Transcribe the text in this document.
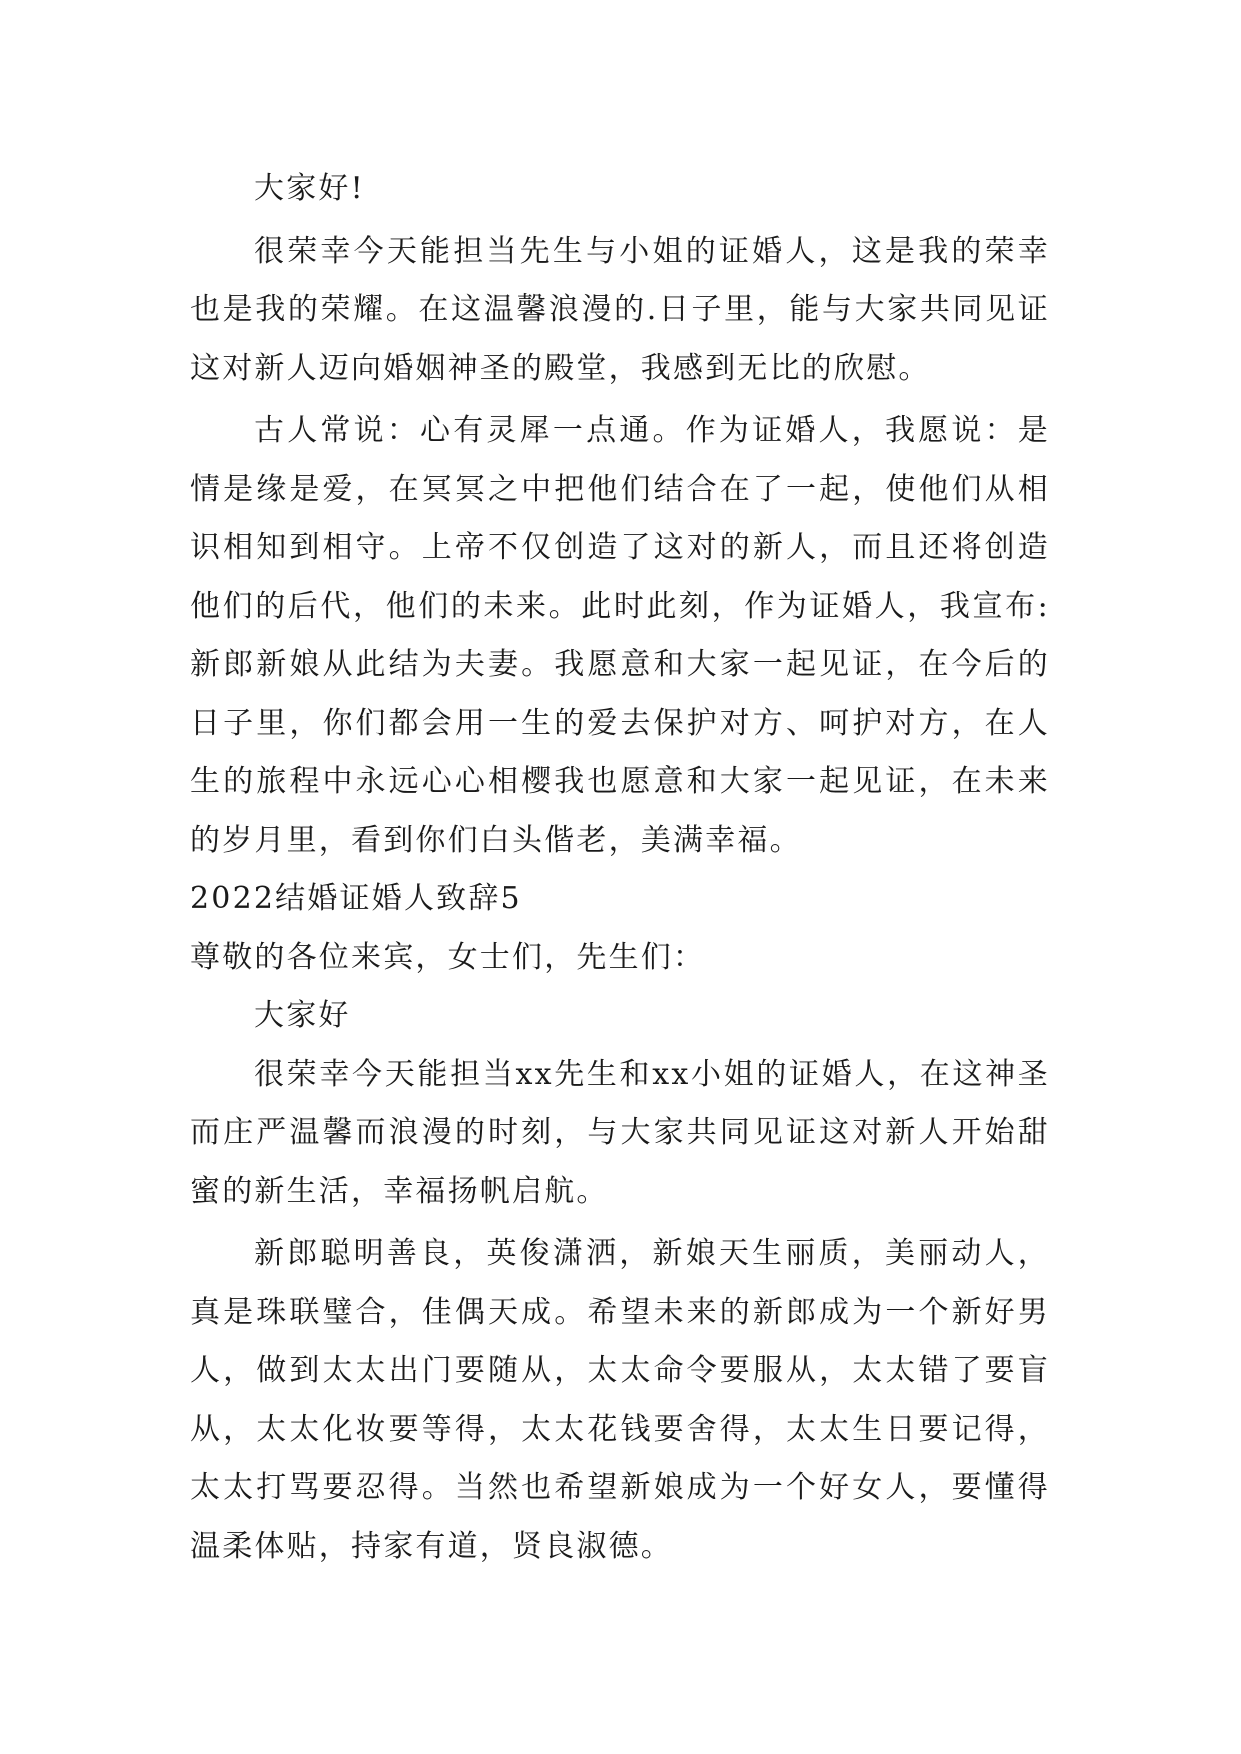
大家好!

很荣幸今天能担当先生与小姐的证婚人，这是我的荣幸也是我的荣耀。在这温馨浪漫的.日子里，能与大家共同见证这对新人迈向婚姻神圣的殿堂，我感到无比的欣慰。

古人常说：心有灵犀一点通。作为证婚人，我愿说：是情是缘是爱，在冥冥之中把他们结合在了一起，使他们从相识相知到相守。上帝不仅创造了这对的新人，而且还将创造他们的后代，他们的未来。此时此刻，作为证婚人，我宣布:新郎新娘从此结为夫妻。我愿意和大家一起见证，在今后的日子里，你们都会用一生的爱去保护对方、呵护对方，在人生的旅程中永远心心相樱我也愿意和大家一起见证，在未来的岁月里，看到你们白头偕老，美满幸福。

2022结婚证婚人致辞5

尊敬的各位来宾，女士们，先生们：

大家好

很荣幸今天能担当xx先生和xx小姐的证婚人，在这神圣而庄严温馨而浪漫的时刻，与大家共同见证这对新人开始甜蜜的新生活，幸福扬帆启航。

新郎聪明善良，英俊潇洒，新娘天生丽质，美丽动人，真是珠联璧合，佳偶天成。希望未来的新郎成为一个新好男人，做到太太出门要随从，太太命令要服从，太太错了要盲从，太太化妆要等得，太太花钱要舍得，太太生日要记得，太太打骂要忍得。当然也希望新娘成为一个好女人，要懂得温柔体贴，持家有道，贤良淑德。
